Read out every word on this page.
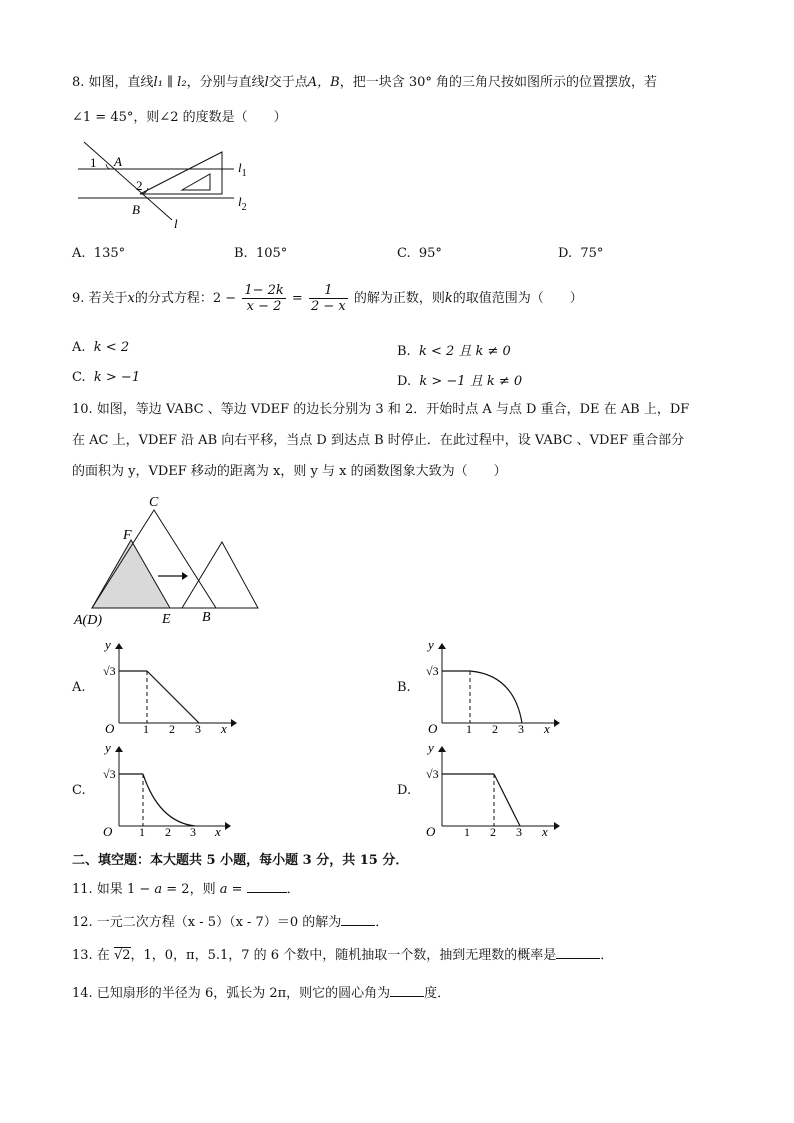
8. 如图，直线l₁ ∥ l₂，分别与直线l交于点A，B，把一块含 30° 角的三角尺按如图所示的位置摆放，若
∠1 = 45°，则∠2 的度数是（　　）
1 A
2
B
l
$l_1$
$l_2$
A. 135°	B. 105°	C. 95°	D. 75°
9. 若关于x的分式方程：$2 - \frac{1- 2k}{x - 2} = \frac{1}{2 - x}$ 的解为正数，则k的取值范围为（　　）
A. k < 2	B. k < 2 且 k ≠ 0
C. k > −1	D. k > −1 且 k ≠ 0
10. 如图，等边 VABC 、等边 VDEF 的边长分别为 3 和 2．开始时点 A 与点 D 重合，DE 在 AB 上，DF
在 AC 上，VDEF 沿 AB 向右平移，当点 D 到达点 B 时停止．在此过程中，设 VABC 、VDEF 重合部分
的面积为 y，VDEF 移动的距离为 x，则 y 与 x 的函数图象大致为（　　）
C
F
A(D)	E B
A.
y
√3
O 1 2 3 x
B.
y
√3
O 1 2 3 x
C.
y
√3
O 1 2 3 x
D.
y
√3
O 1 2 3 x
二、填空题：本大题共 5 小题，每小题 3 分，共 15 分．
11. 如果 1 − a = 2，则 a =	．
12. 一元二次方程（x - 5）（x - 7）＝0 的解为	．
13. 在 √2，1，0，π，5.1，7 的 6 个数中，随机抽取一个数，抽到无理数的概率是	．
14. 已知扇形的半径为 6，弧长为 2π，则它的圆心角为	度．
